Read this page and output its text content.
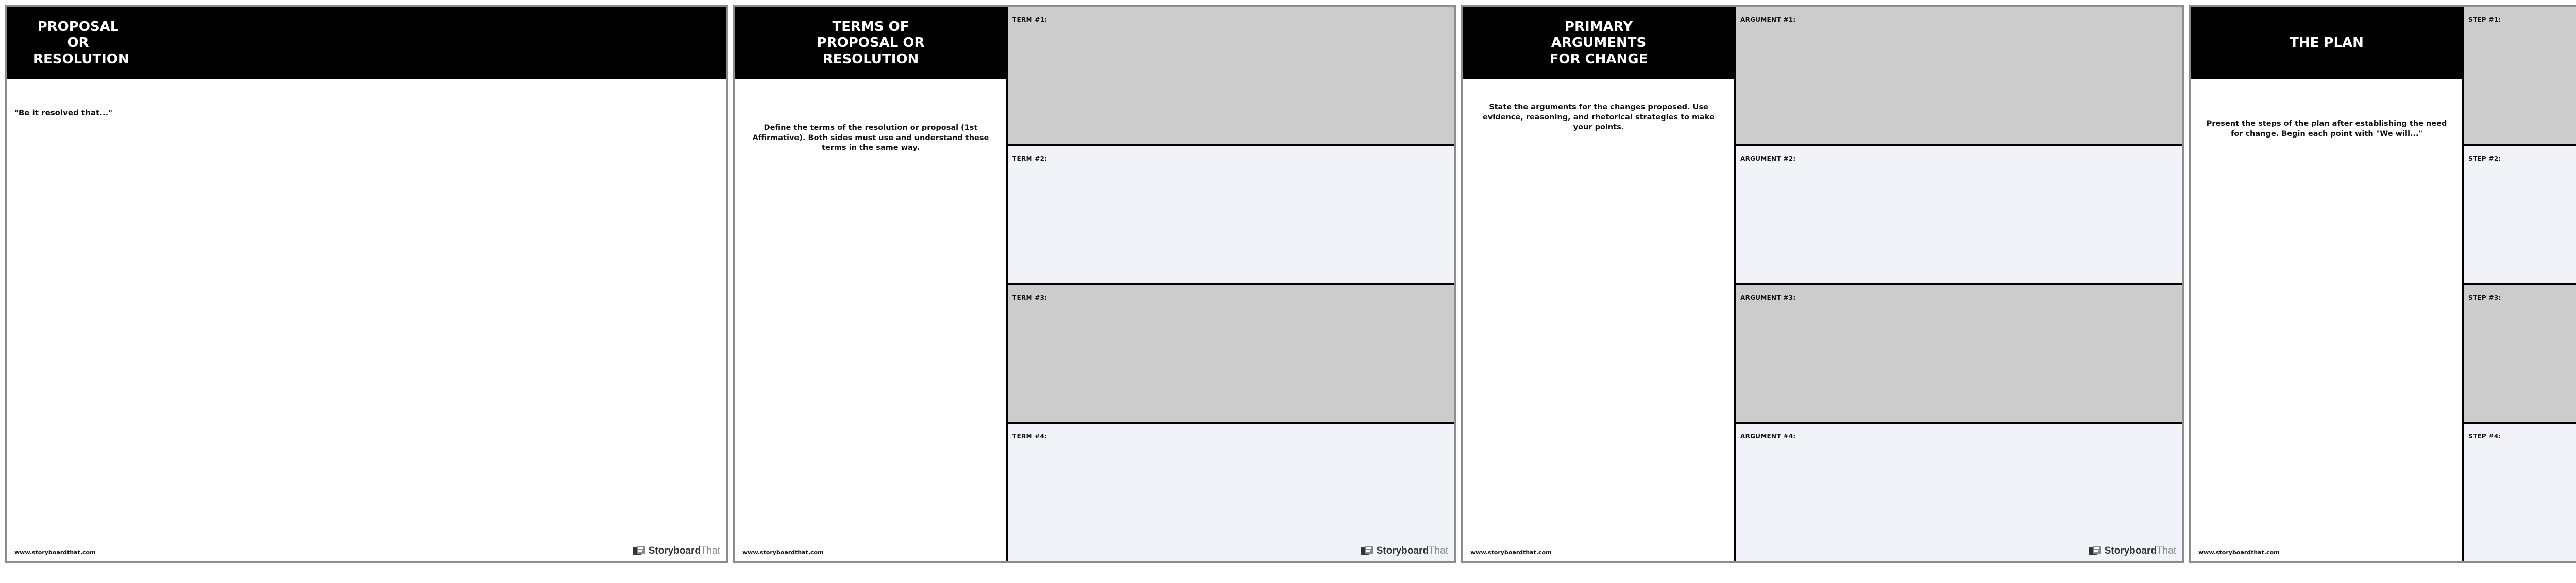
PROPOSAL OR RESOLUTION
"Be it resolved that..."
www.storyboardthat.com	Storyboard That
TERMS OF PROPOSAL OR RESOLUTION
Define the terms of the resolution or proposal (1st Affirmative). Both sides must use and understand these terms in the same way.
TERM #1:
TERM #2:
TERM #3:
TERM #4:
www.storyboardthat.com	Storyboard That
PRIMARY ARGUMENTS FOR CHANGE
State the arguments for the changes proposed. Use evidence, reasoning, and rhetorical strategies to make your points.
ARGUMENT #1:
ARGUMENT #2:
ARGUMENT #3:
ARGUMENT #4:
www.storyboardthat.com	Storyboard That
THE PLAN
Present the steps of the plan after establishing the need for change. Begin each point with "We will..."
STEP #1:
STEP #2:
STEP #3:
STEP #4:
www.storyboardthat.com
